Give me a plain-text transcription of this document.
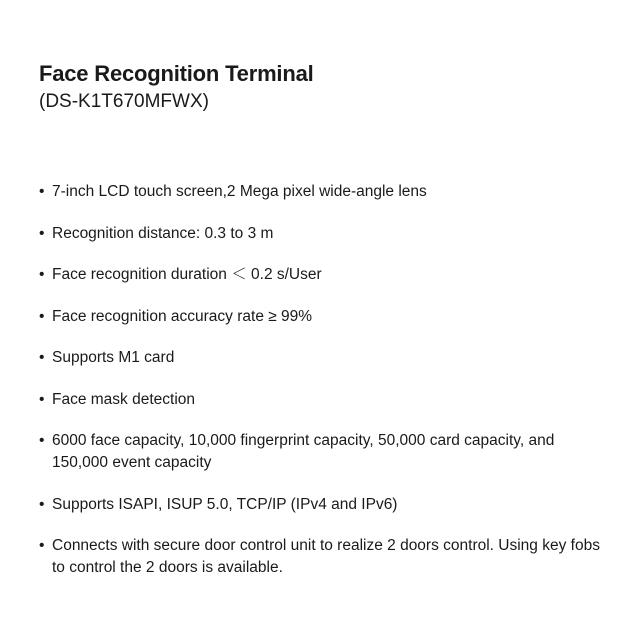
Face Recognition Terminal
(DS-K1T670MFWX)
• 7-inch LCD touch screen,2 Mega pixel wide-angle lens
• Recognition distance: 0.3 to 3 m
• Face recognition duration ＜ 0.2 s/User
• Face recognition accuracy rate ≥ 99%
• Supports M1 card
• Face mask detection
• 6000 face capacity, 10,000 fingerprint capacity, 50,000 card capacity, and 150,000 event capacity
• Supports ISAPI, ISUP 5.0, TCP/IP (IPv4 and IPv6)
• Connects with secure door control unit to realize 2 doors control. Using key fobs to control the 2 doors is available.
